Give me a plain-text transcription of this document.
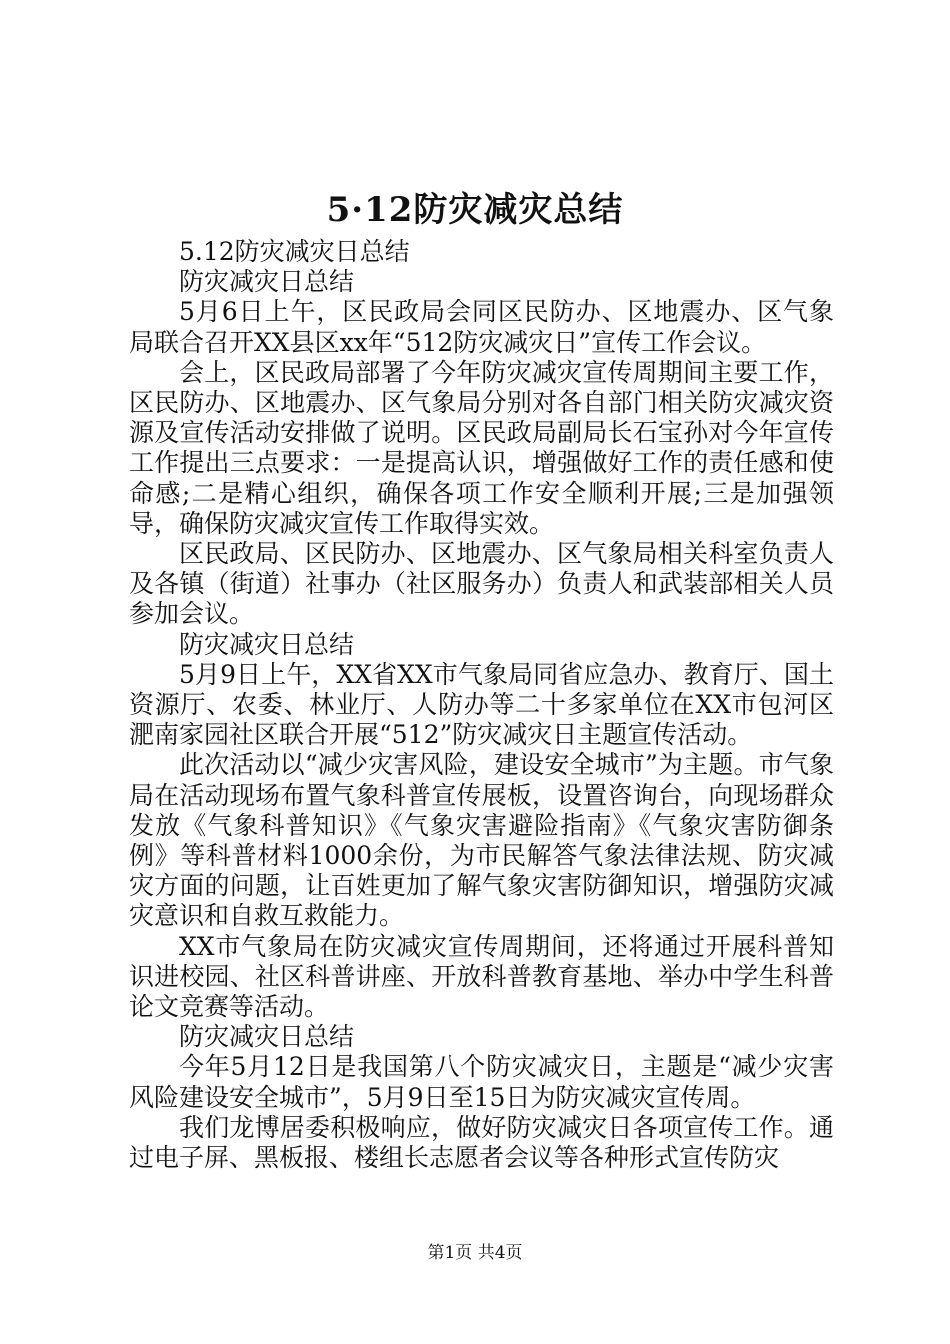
5·12防灾减灾总结

5.12防灾减灾日总结

防灾减灾日总结

5月6日上午，区民政局会同区民防办、区地震办、区气象局联合召开XX县区xx年“512防灾减灾日”宣传工作会议。

会上，区民政局部署了今年防灾减灾宣传周期间主要工作，区民防办、区地震办、区气象局分别对各自部门相关防灾减灾资源及宣传活动安排做了说明。区民政局副局长石宝孙对今年宣传工作提出三点要求：一是提高认识，增强做好工作的责任感和使命感;二是精心组织，确保各项工作安全顺利开展;三是加强领导，确保防灾减灾宣传工作取得实效。

区民政局、区民防办、区地震办、区气象局相关科室负责人及各镇（街道）社事办（社区服务办）负责人和武装部相关人员参加会议。

防灾减灾日总结

5月9日上午，XX省XX市气象局同省应急办、教育厅、国土资源厅、农委、林业厅、人防办等二十多家单位在XX市包河区淝南家园社区联合开展“512”防灾减灾日主题宣传活动。

此次活动以“减少灾害风险，建设安全城市”为主题。市气象局在活动现场布置气象科普宣传展板，设置咨询台，向现场群众发放《气象科普知识》《气象灾害避险指南》《气象灾害防御条例》等科普材料1000余份，为市民解答气象法律法规、防灾减灾方面的问题，让百姓更加了解气象灾害防御知识，增强防灾减灾意识和自救互救能力。

XX市气象局在防灾减灾宣传周期间，还将通过开展科普知识进校园、社区科普讲座、开放科普教育基地、举办中学生科普论文竞赛等活动。

防灾减灾日总结

今年5月12日是我国第八个防灾减灾日，主题是“减少灾害风险建设安全城市”，5月9日至15日为防灾减灾宣传周。

我们龙博居委积极响应，做好防灾减灾日各项宣传工作。通过电子屏、黑板报、楼组长志愿者会议等各种形式宣传防灾

第1页 共4页
